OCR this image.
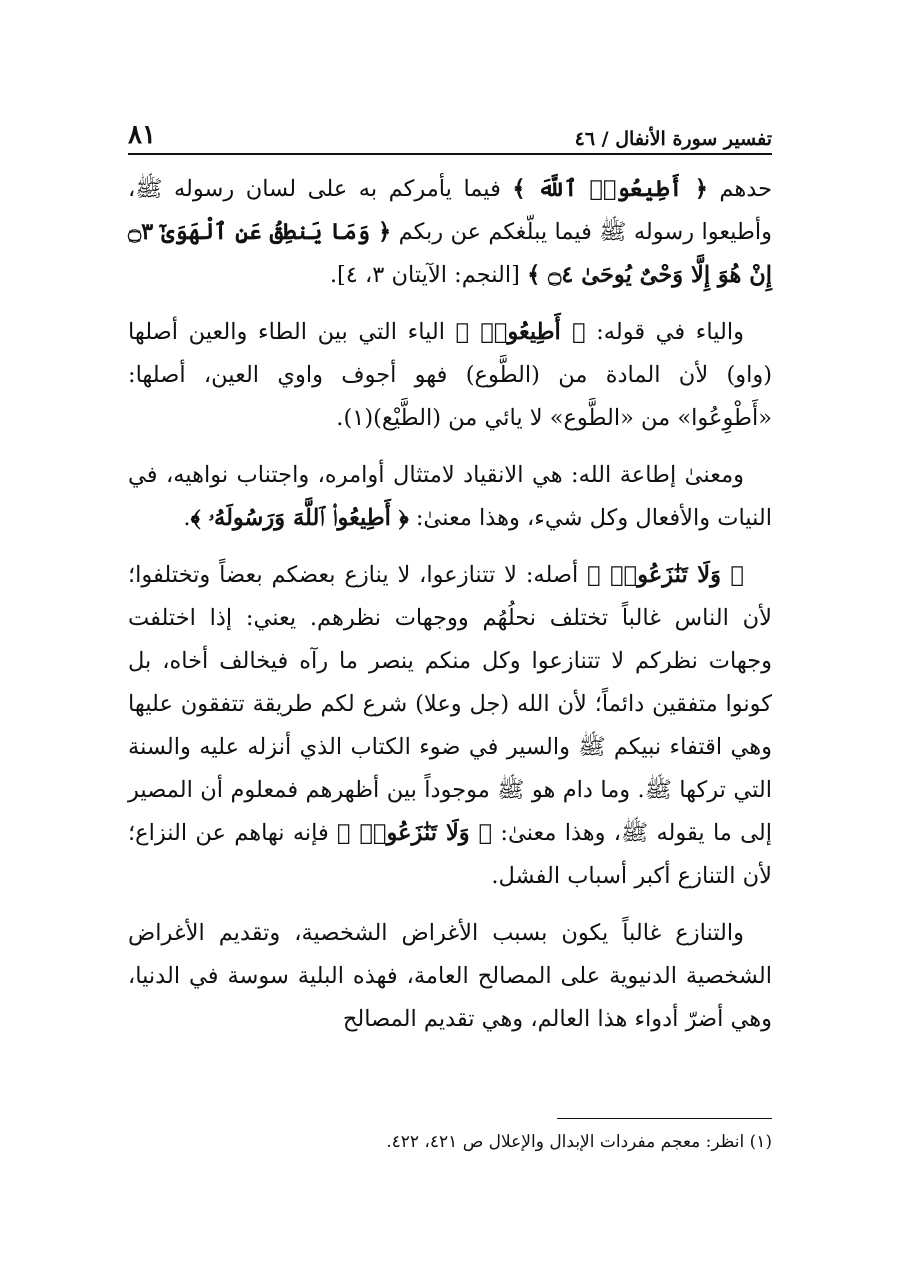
تفسير سورة الأنفال / ٤٦
٨١

حدهم ﴿ أَطِيعُوا۟ ٱللَّهَ ﴾ فيما يأمركم به على لسان رسوله ﷺ، وأطيعوا رسوله ﷺ فيما يبلّغكم عن ربكم ﴿ وَمَا يَنطِقُ عَنِ ٱلْهَوَىٰٓ ۝٣ إِنْ هُوَ إِلَّا وَحْىٌ يُوحَىٰ ۝٤ ﴾ [النجم: الآيتان ٣، ٤].

والياء في قوله: ﴿ أَطِيعُوا۟ ﴾ الياء التي بين الطاء والعين أصلها (واو) لأن المادة من (الطَّوع) فهو أجوف واوي العين، أصلها: «أَطْوِعُوا» من «الطَّوع» لا يائي من (الطَّيْع)(١).

ومعنىٰ إطاعة الله: هي الانقياد لامتثال أوامره، واجتناب نواهيه، في النيات والأفعال وكل شيء، وهذا معنىٰ: ﴿ أَطِيعُوا۟ ٱللَّهَ وَرَسُولَهُۥ ﴾.

﴿ وَلَا تَنَٰزَعُوا۟ ﴾ أصله: لا تتنازعوا، لا ينازع بعضكم بعضاً وتختلفوا؛ لأن الناس غالباً تختلف نحلُهُم ووجهات نظرهم. يعني: إذا اختلفت وجهات نظركم لا تتنازعوا وكل منكم ينصر ما رآه فيخالف أخاه، بل كونوا متفقين دائماً؛ لأن الله (جل وعلا) شرع لكم طريقة تتفقون عليها وهي اقتفاء نبيكم ﷺ والسير في ضوء الكتاب الذي أنزله عليه والسنة التي تركها ﷺ. وما دام هو ﷺ موجوداً بين أظهرهم فمعلوم أن المصير إلى ما يقوله ﷺ، وهذا معنىٰ: ﴿ وَلَا تَنَٰزَعُوا۟ ﴾ فإنه نهاهم عن النزاع؛ لأن التنازع أكبر أسباب الفشل.

والتنازع غالباً يكون بسبب الأغراض الشخصية، وتقديم الأغراض الشخصية الدنيوية على المصالح العامة، فهذه البلية سوسة في الدنيا، وهي أضرّ أدواء هذا العالم، وهي تقديم المصالح

(١) انظر: معجم مفردات الإبدال والإعلال ص ٤٢١، ٤٢٢.
